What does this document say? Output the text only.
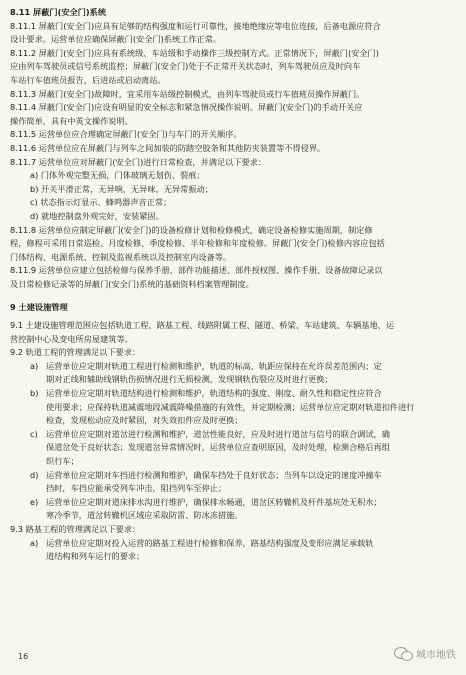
8.11 屏蔽门(安全门)系统
8.11.1 屏蔽门(安全门)应具有足够的结构强度和运行可靠性，接地绝缘应等电位连接，后备电源应符合
设计要求。运营单位应确保屏蔽门(安全门)系统工作正常。
8.11.2 屏蔽门(安全门)应具有系统级、车站级和手动操作三级控制方式。正常情况下，屏蔽门(安全门)
应由列车驾驶员或信号系统监控；屏蔽门(安全门)处于不正常开关状态时，列车驾驶员应及时向车
车站行车值班员报告，后进站或启动离站。
8.11.3 屏蔽门(安全门)故障时，宜采用车站级控制模式，由列车驾驶员或行车值班员操作屏蔽门。
8.11.4 屏蔽门(安全门)应设有明显的安全标志和紧急情况操作说明。屏蔽门(安全门)的手动开关应
操作简单，具有中英文操作说明。
8.11.5 运营单位应合理确定屏蔽门(安全门)与车门的开关顺序。
8.11.6 运营单位应在屏蔽门与列车之间加装的防踏空胶条和其他防夹装置等不得侵界。
8.11.7 运营单位应对屏蔽门(安全门)进行日常检查，并满足以下要求：
a) 门体外观完整无损，门体玻璃无划伤、裂痕；
b) 开关平滑正常，无异响，无异味，无异常振动；
c) 状态指示灯显示、蜂鸣器声音正常；
d) 就地控制盘外观完好，安装紧固。
8.11.8 运营单位应制定屏蔽门(安全门)的设备检修计划和检修模式，确定设备检修实施周期，制定修
程，修程可采用日常巡检、月度检修、季度检修、半年检修和年度检修。屏蔽门(安全门)检修内容应包括
门体结构、电源系统、控制及监视系统以及控制室内设备等。
8.11.9 运营单位应建立包括检修与保养手册、部件功能描述、部件授权图、操作手册、设备故障记录以
及日常检修记录等的屏蔽门(安全门)系统的基础资料档案管理制度。
9 土建设施管理
9.1 土建设施管理范围应包括轨道工程、路基工程、线路附属工程、隧道、桥梁、车站建筑、车辆基地、运
营控制中心及变电所房屋建筑等。
9.2 轨道工程的管理满足以下要求：
a) 运营单位应定期对轨道工程进行检测和维护，轨道的标高、轨距应保持在允许误差范围内；定
期对正线和辅助线钢轨伤损情况进行无损检测，发现钢轨伤裂应及时进行更换；
b) 运营单位应定期对轨道结构进行检测和维护，轨道结构的强度、刚度、耐久性和稳定性应符合
使用要求；应保持轨道减震地段减震降噪措施的有效性，并定期检测；运营单位应定期对轨道扣件进行
检查，发现松动应及时紧固，对失效扣件应及时更换；
c) 运营单位应定期对道岔进行检测和维护，道岔性能良好，应及时进行道岔与信号的联合调试，确
保道岔处于良好状态；发现道岔异常情况时，运营单位应查明原因，及时处理，检测合格后再组
织行车；
d) 运营单位应定期对车挡进行检测和维护，确保车挡处于良好状态；当列车以设定的速度冲撞车
挡时，车挡应能承受列车冲击，阻挡列车至停止；
e) 运营单位应定期对道床排水沟进行维护，确保排水畅通，道岔区转辙机及杆件基坑处无积水；
寒冷季节，道岔转辙机区域应采取防雷、防冰冻措施。
9.3 路基工程的管理满足以下要求：
a) 运营单位应定期对投入运营的路基工程进行检修和保养，路基结构强度及变形应满足承载轨
道结构和列车运行的要求；
16	城市地铁
